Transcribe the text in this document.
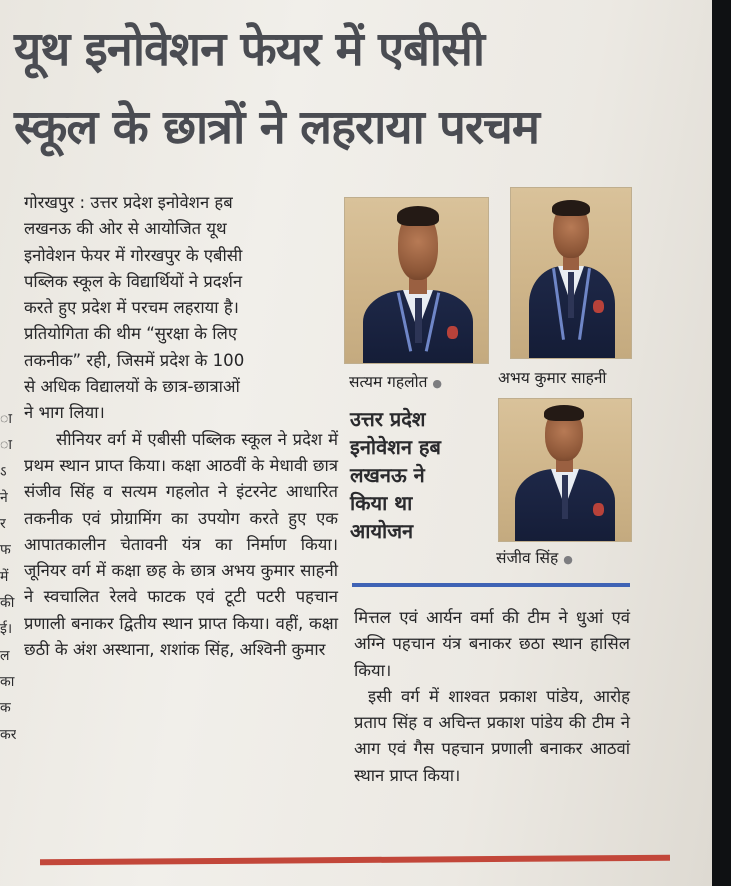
यूथ इनोवेशन फेयर में एबीसी
स्कूल के छात्रों ने लहराया परचम
ा
ा
ऽ
ने
र
फ
में
की
ई।
ल
का
क
कर
गोरखपुर : उत्तर प्रदेश इनोवेशन हब
लखनऊ की ओर से आयोजित यूथ
इनोवेशन फेयर में गोरखपुर के एबीसी
पब्लिक स्कूल के विद्यार्थियों ने प्रदर्शन
करते हुए प्रदेश में परचम लहराया है।
प्रतियोगिता की थीम “सुरक्षा के लिए
तकनीक” रही, जिसमें प्रदेश के 100
से अधिक विद्यालयों के छात्र-छात्राओं
ने भाग लिया।

सीनियर वर्ग में एबीसी पब्लिक स्कूल ने प्रदेश में प्रथम स्थान प्राप्त किया। कक्षा आठवीं के मेधावी छात्र संजीव सिंह व सत्यम गहलोत ने इंटरनेट आधारित तकनीक एवं प्रोग्रामिंग का उपयोग करते हुए एक आपातकालीन चेतावनी यंत्र का निर्माण किया। जूनियर वर्ग में कक्षा छह के छात्र अभय कुमार साहनी ने स्वचालित रेलवे फाटक एवं टूटी पटरी पहचान प्रणाली बनाकर द्वितीय स्थान प्राप्त किया। वहीं, कक्षा छठी के अंश अस्थाना, शशांक सिंह, अश्विनी कुमार

सत्यम गहलोत ●	अभय कुमार साहनी
उत्तर प्रदेश
इनोवेशन हब
लखनऊ ने
किया था
आयोजन
संजीव सिंह ●

मित्तल एवं आर्यन वर्मा की टीम ने धुआं एवं अग्नि पहचान यंत्र बनाकर छठा स्थान हासिल किया।

इसी वर्ग में शाश्वत प्रकाश पांडेय, आरोह प्रताप सिंह व अचिन्त प्रकाश पांडेय की टीम ने आग एवं गैस पहचान प्रणाली बनाकर आठवां स्थान प्राप्त किया।
